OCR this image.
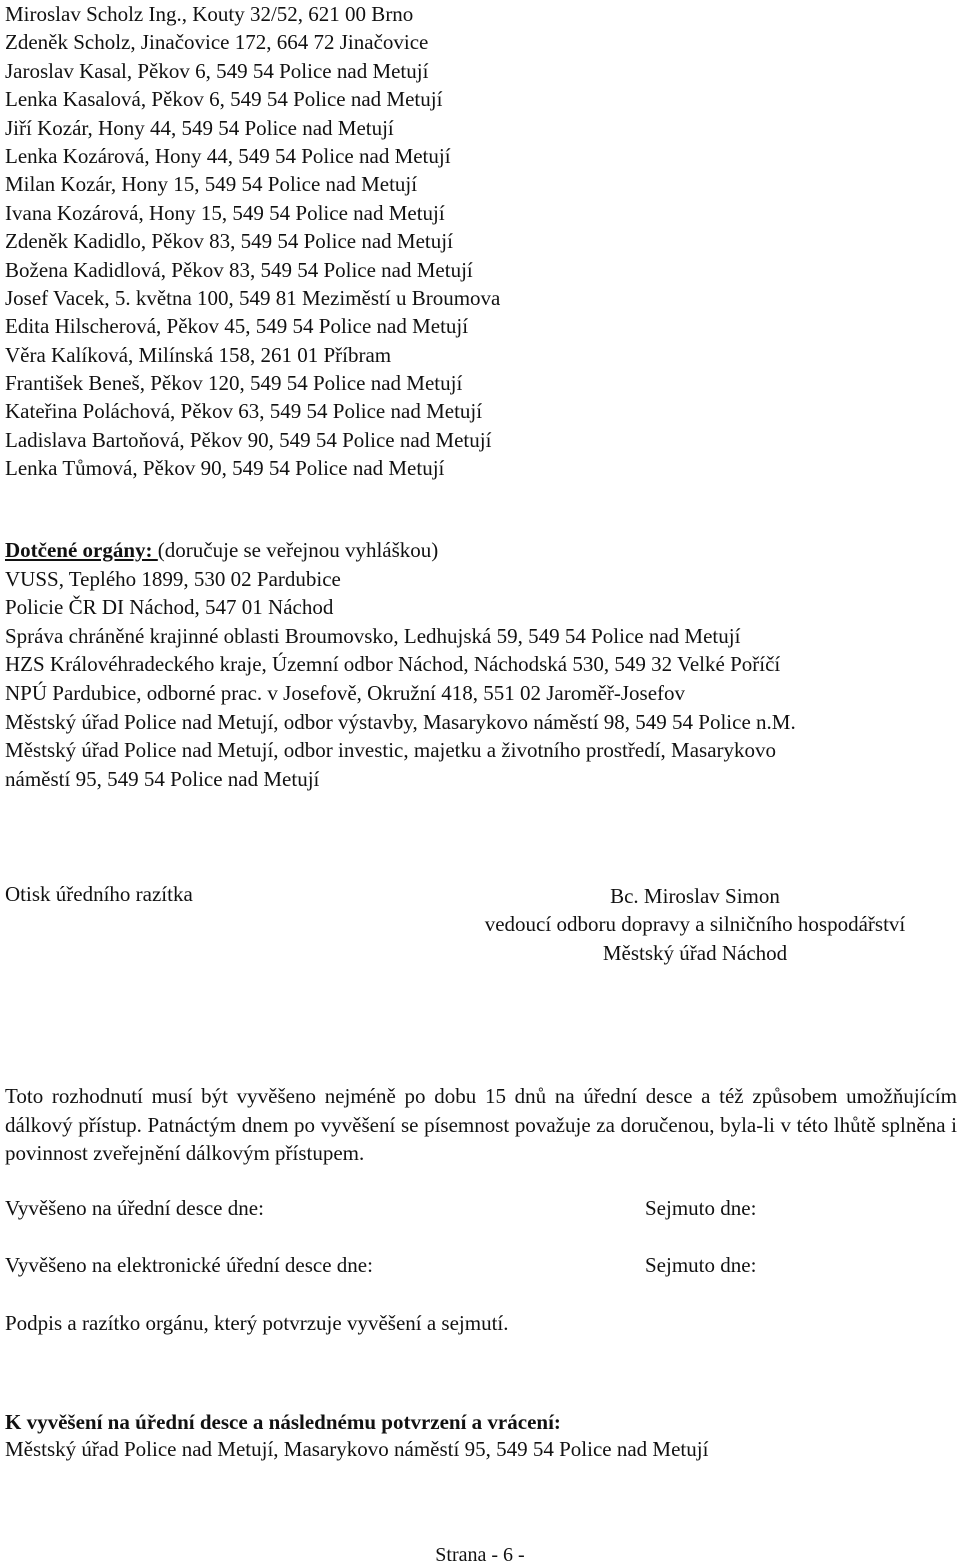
Miroslav Scholz Ing., Kouty 32/52, 621 00 Brno
Zdeněk Scholz, Jinačovice 172, 664 72 Jinačovice
Jaroslav Kasal, Pěkov 6, 549 54 Police nad Metují
Lenka Kasalová, Pěkov 6, 549 54 Police nad Metují
Jiří Kozár, Hony 44, 549 54 Police nad Metují
Lenka Kozárová, Hony 44, 549 54 Police nad Metují
Milan Kozár, Hony 15, 549 54 Police nad Metují
Ivana Kozárová, Hony 15, 549 54 Police nad Metují
Zdeněk Kadidlo, Pěkov 83, 549 54 Police nad Metují
Božena Kadidlová, Pěkov 83, 549 54 Police nad Metují
Josef Vacek, 5. května 100, 549 81 Meziměstí u Broumova
Edita Hilscherová, Pěkov 45, 549 54 Police nad Metují
Věra Kalíková, Milínská 158, 261 01 Příbram
František Beneš, Pěkov 120, 549 54 Police nad Metují
Kateřina Poláchová, Pěkov 63, 549 54 Police nad Metují
Ladislava Bartoňová, Pěkov 90, 549 54 Police nad Metují
Lenka Tůmová, Pěkov 90, 549 54 Police nad Metují
Dotčené orgány: (doručuje se veřejnou vyhláškou)
VUSS, Teplého 1899, 530 02 Pardubice
Policie ČR DI Náchod, 547 01 Náchod
Správa chráněné krajinné oblasti Broumovsko, Ledhujská 59, 549 54 Police nad Metují
HZS Královéhradeckého kraje, Územní odbor Náchod, Náchodská 530, 549 32 Velké Poříčí
NPÚ Pardubice, odborné prac. v Josefově, Okružní 418, 551 02 Jaroměř-Josefov
Městský úřad Police nad Metují, odbor výstavby, Masarykovo náměstí 98, 549 54 Police n.M.
Městský úřad Police nad Metují, odbor investic, majetku a životního prostředí, Masarykovo
náměstí 95, 549 54 Police nad Metují
Otisk úředního razítka	Bc. Miroslav Simon
vedoucí odboru dopravy a silničního hospodářství
Městský úřad Náchod
Toto rozhodnutí musí být vyvěšeno nejméně po dobu 15 dnů na úřední desce a též způsobem umožňujícím dálkový přístup. Patnáctým dnem po vyvěšení se písemnost považuje za doručenou, byla-li v této lhůtě splněna i povinnost zveřejnění dálkovým přístupem.
Vyvěšeno na úřední desce dne:	Sejmuto dne:
Vyvěšeno na elektronické úřední desce dne:	Sejmuto dne:
Podpis a razítko orgánu, který potvrzuje vyvěšení a sejmutí.
K vyvěšení na úřední desce a následnému potvrzení a vrácení:
Městský úřad Police nad Metují, Masarykovo náměstí 95, 549 54 Police nad Metují
Strana - 6 -
